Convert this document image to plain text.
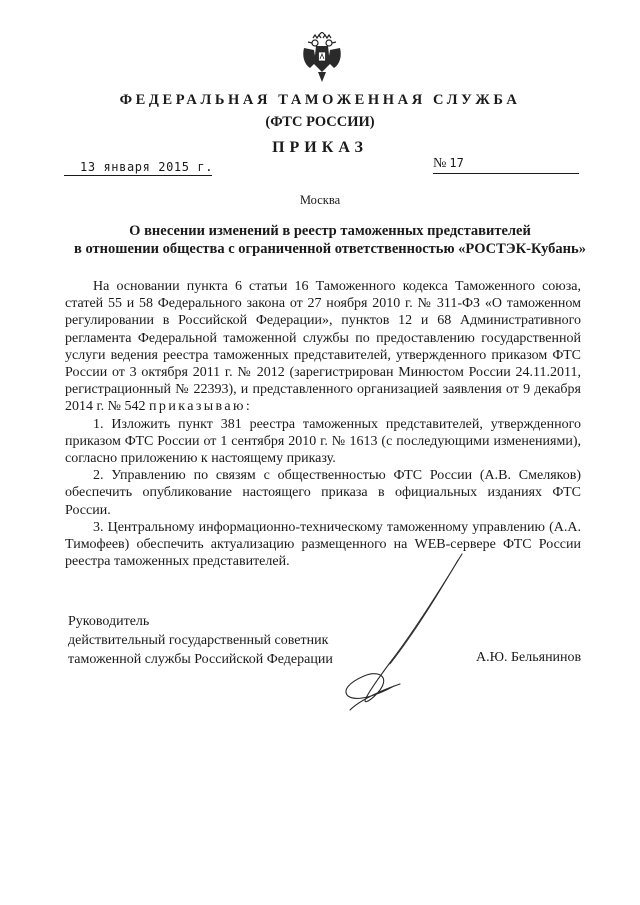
ФЕДЕРАЛЬНАЯ ТАМОЖЕННАЯ СЛУЖБА
(ФТС РОССИИ)
ПРИКАЗ
13 января 2015 г.	№ 17
Москва
О внесении изменений в реестр таможенных представителей
в отношении общества с ограниченной ответственностью «РОСТЭК-Кубань»

На основании пункта 6 статьи 16 Таможенного кодекса Таможенного союза, статей 55 и 58 Федерального закона от 27 ноября 2010 г. № 311-ФЗ «О таможенном регулировании в Российской Федерации», пунктов 12 и 68 Административного регламента Федеральной таможенной службы по предоставлению государственной услуги ведения реестра таможенных представителей, утвержденного приказом ФТС России от 3 октября 2011 г. № 2012 (зарегистрирован Минюстом России 24.11.2011, регистрационный № 22393), и представленного организацией заявления от 9 декабря 2014 г. № 542 приказываю:

1. Изложить пункт 381 реестра таможенных представителей, утвержденного приказом ФТС России от 1 сентября 2010 г. № 1613 (с последующими изменениями), согласно приложению к настоящему приказу.

2. Управлению по связям с общественностью ФТС России (А.В. Смеляков) обеспечить опубликование настоящего приказа в официальных изданиях ФТС России.

3. Центральному информационно-техническому таможенному управлению (А.А. Тимофеев) обеспечить актуализацию размещенного на WEB-сервере ФТС России реестра таможенных представителей.

Руководитель
действительный государственный советник
таможенной службы Российской Федерации	А.Ю. Бельянинов
